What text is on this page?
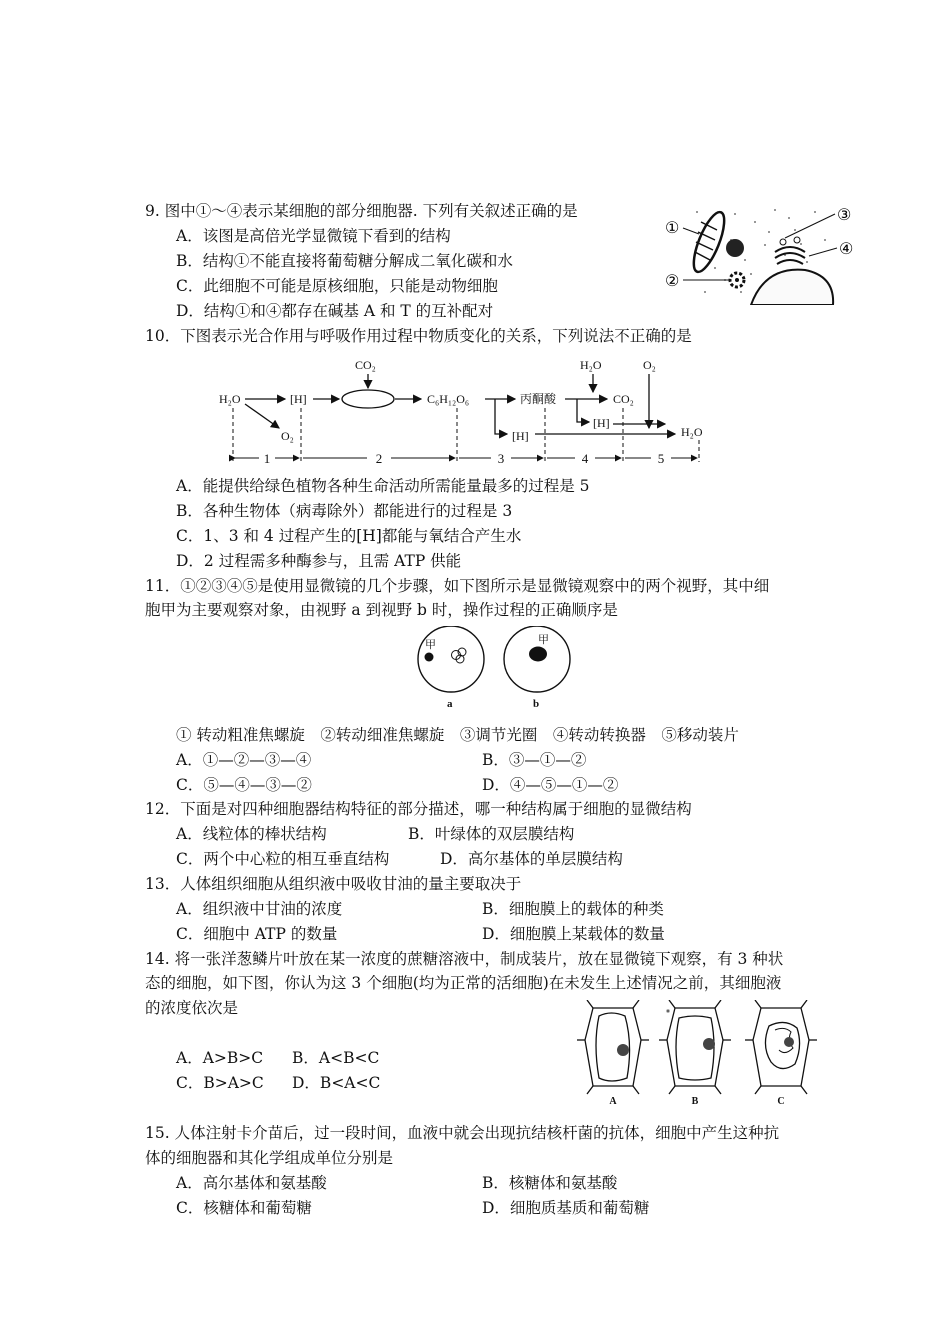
9. 图中①～④表示某细胞的部分细胞器. 下列有关叙述正确的是
A．该图是高倍光学显微镜下看到的结构
B．结构①不能直接将葡萄糖分解成二氧化碳和水
C．此细胞不可能是原核细胞，只能是动物细胞
D．结构①和④都存在碱基 A 和 T 的互补配对
①
②
③
④
10．下图表示光合作用与呼吸作用过程中物质变化的关系，下列说法不正确的是
H₂O	[H]
O₂
CO₂
C₆H₁₂O₆	丙酮酸
[H]
H₂O
CO₂
[H]
O₂
H₂O
1	2	3	4	5
A．能提供给绿色植物各种生命活动所需能量最多的过程是 5
B．各种生物体（病毒除外）都能进行的过程是 3
C．1、3 和 4 过程产生的[H]都能与氧结合产生水
D．2 过程需多种酶参与，且需 ATP 供能
11．①②③④⑤是使用显微镜的几个步骤，如下图所示是显微镜观察中的两个视野，其中细
胞甲为主要观察对象，由视野 a 到视野 b 时，操作过程的正确顺序是
甲	甲
a	b
① 转动粗准焦螺旋　②转动细准焦螺旋　③调节光圈　④转动转换器　⑤移动装片
A．①—②—③—④	B．③—①—②
C．⑤—④—③—②	D．④—⑤—①—②
12．下面是对四种细胞器结构特征的部分描述，哪一种结构属于细胞的显微结构
A．线粒体的棒状结构	B．叶绿体的双层膜结构
C．两个中心粒的相互垂直结构	D．高尔基体的单层膜结构
13．人体组织细胞从组织液中吸收甘油的量主要取决于
A．组织液中甘油的浓度	B．细胞膜上的载体的种类
C．细胞中 ATP 的数量	D．细胞膜上某载体的数量
14. 将一张洋葱鳞片叶放在某一浓度的蔗糖溶液中，制成装片，放在显微镜下观察，有 3 种状
态的细胞，如下图，你认为这 3 个细胞(均为正常的活细胞)在未发生上述情况之前，其细胞液
的浓度依次是
A．A>B>C B．A<B<C
C．B>A>C D．B<A<C
A	B	C
15. 人体注射卡介苗后，过一段时间，血液中就会出现抗结核杆菌的抗体，细胞中产生这种抗
体的细胞器和其化学组成单位分别是
A．高尔基体和氨基酸	B．核糖体和氨基酸
C．核糖体和葡萄糖	D．细胞质基质和葡萄糖
